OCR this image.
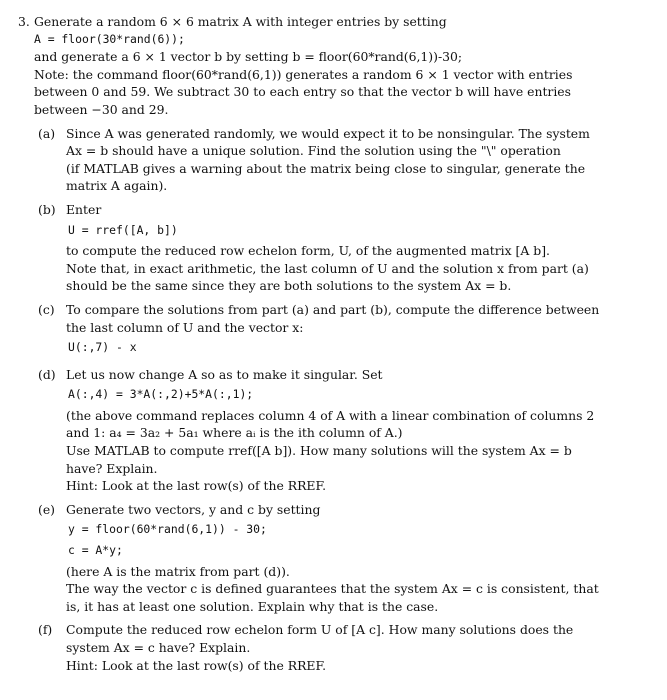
3. Generate a random 6 × 6 matrix A with integer entries by setting
A = floor(30*rand(6));
and generate a 6 × 1 vector b by setting b = floor(60*rand(6,1))-30;
Note: the command floor(60*rand(6,1)) generates a random 6 × 1 vector with entries
between 0 and 59. We subtract 30 to each entry so that the vector b will have entries
between −30 and 29.
(a) Since A was generated randomly, we would expect it to be nonsingular. The system
Ax = b should have a unique solution. Find the solution using the "\" operation
(if MATLAB gives a warning about the matrix being close to singular, generate the
matrix A again).
(b) Enter
U = rref([A, b])
to compute the reduced row echelon form, U, of the augmented matrix [A b].
Note that, in exact arithmetic, the last column of U and the solution x from part (a)
should be the same since they are both solutions to the system Ax = b.
(c) To compare the solutions from part (a) and part (b), compute the difference between
the last column of U and the vector x:
U(:,7) - x
(d) Let us now change A so as to make it singular. Set
A(:,4) = 3*A(:,2)+5*A(:,1);
(the above command replaces column 4 of A with a linear combination of columns 2
and 1: a₄ = 3a₂ + 5a₁ where aᵢ is the ith column of A.)
Use MATLAB to compute rref([A b]). How many solutions will the system Ax = b
have? Explain.
Hint: Look at the last row(s) of the RREF.
(e) Generate two vectors, y and c by setting
y = floor(60*rand(6,1)) - 30;
c = A*y;
(here A is the matrix from part (d)).
The way the vector c is defined guarantees that the system Ax = c is consistent, that
is, it has at least one solution. Explain why that is the case.
(f)	Compute the reduced row echelon form U of [A c]. How many solutions does the
system Ax = c have? Explain.
Hint: Look at the last row(s) of the RREF.
